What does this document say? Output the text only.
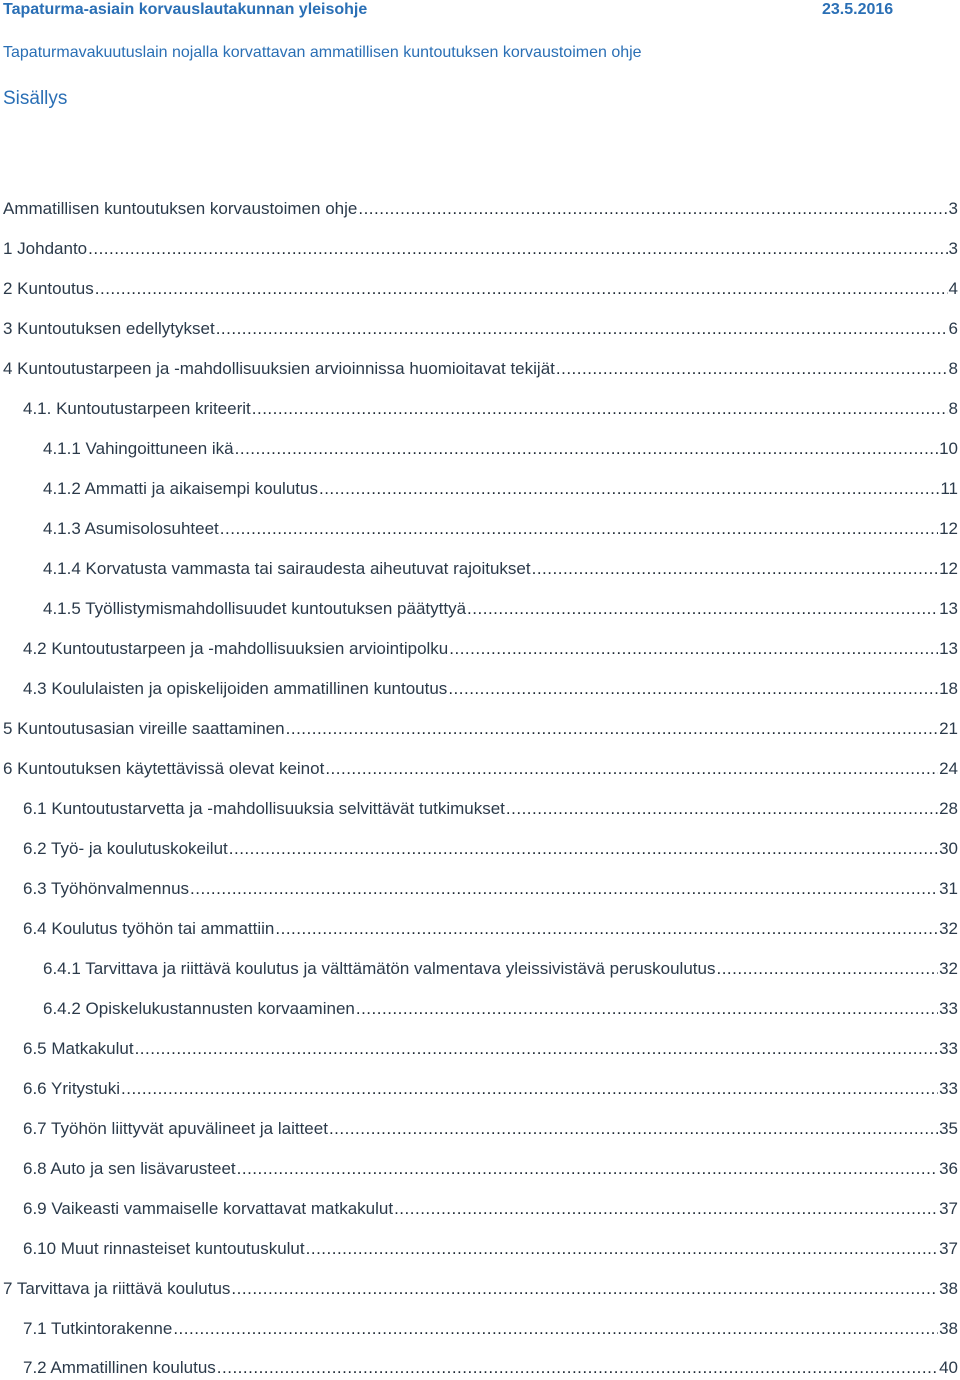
Tapaturma-asiain korvauslautakunnan yleisohje	23.5.2016
Tapaturmavakuutuslain nojalla korvattavan ammatillisen kuntoutuksen korvaustoimen ohje
Sisällys
Ammatillisen kuntoutuksen korvaustoimen ohje .....	3
1 Johdanto .....	3
2 Kuntoutus .....	4
3 Kuntoutuksen edellytykset .....	6
4 Kuntoutustarpeen ja -mahdollisuuksien arvioinnissa huomioitavat tekijät .....	8
4.1. Kuntoutustarpeen kriteerit .....	8
4.1.1 Vahingoittuneen ikä .....	10
4.1.2 Ammatti ja aikaisempi koulutus .....	11
4.1.3 Asumisolosuhteet .....	12
4.1.4 Korvatusta vammasta tai sairaudesta aiheutuvat rajoitukset .....	12
4.1.5 Työllistymismahdollisuudet kuntoutuksen päätyttyä .....	13
4.2 Kuntoutustarpeen ja -mahdollisuuksien arviointipolku .....	13
4.3 Koululaisten ja opiskelijoiden ammatillinen kuntoutus .....	18
5 Kuntoutusasian vireille saattaminen .....	21
6 Kuntoutuksen käytettävissä olevat keinot .....	24
6.1 Kuntoutustarvetta ja -mahdollisuuksia selvittävät tutkimukset .....	28
6.2 Työ- ja koulutuskokeilut .....	30
6.3 Työhönvalmennus .....	31
6.4 Koulutus työhön tai ammattiin .....	32
6.4.1 Tarvittava ja riittävä koulutus ja välttämätön valmentava yleissivistävä peruskoulutus .....	32
6.4.2 Opiskelukustannusten korvaaminen .....	33
6.5 Matkakulut .....	33
6.6 Yritystuki .....	33
6.7 Työhön liittyvät apuvälineet ja laitteet .....	35
6.8 Auto ja sen lisävarusteet .....	36
6.9 Vaikeasti vammaiselle korvattavat matkakulut .....	37
6.10 Muut rinnasteiset kuntoutuskulut .....	37
7 Tarvittava ja riittävä koulutus .....	38
7.1 Tutkintorakenne .....	38
7.2 Ammatillinen koulutus .....	40
